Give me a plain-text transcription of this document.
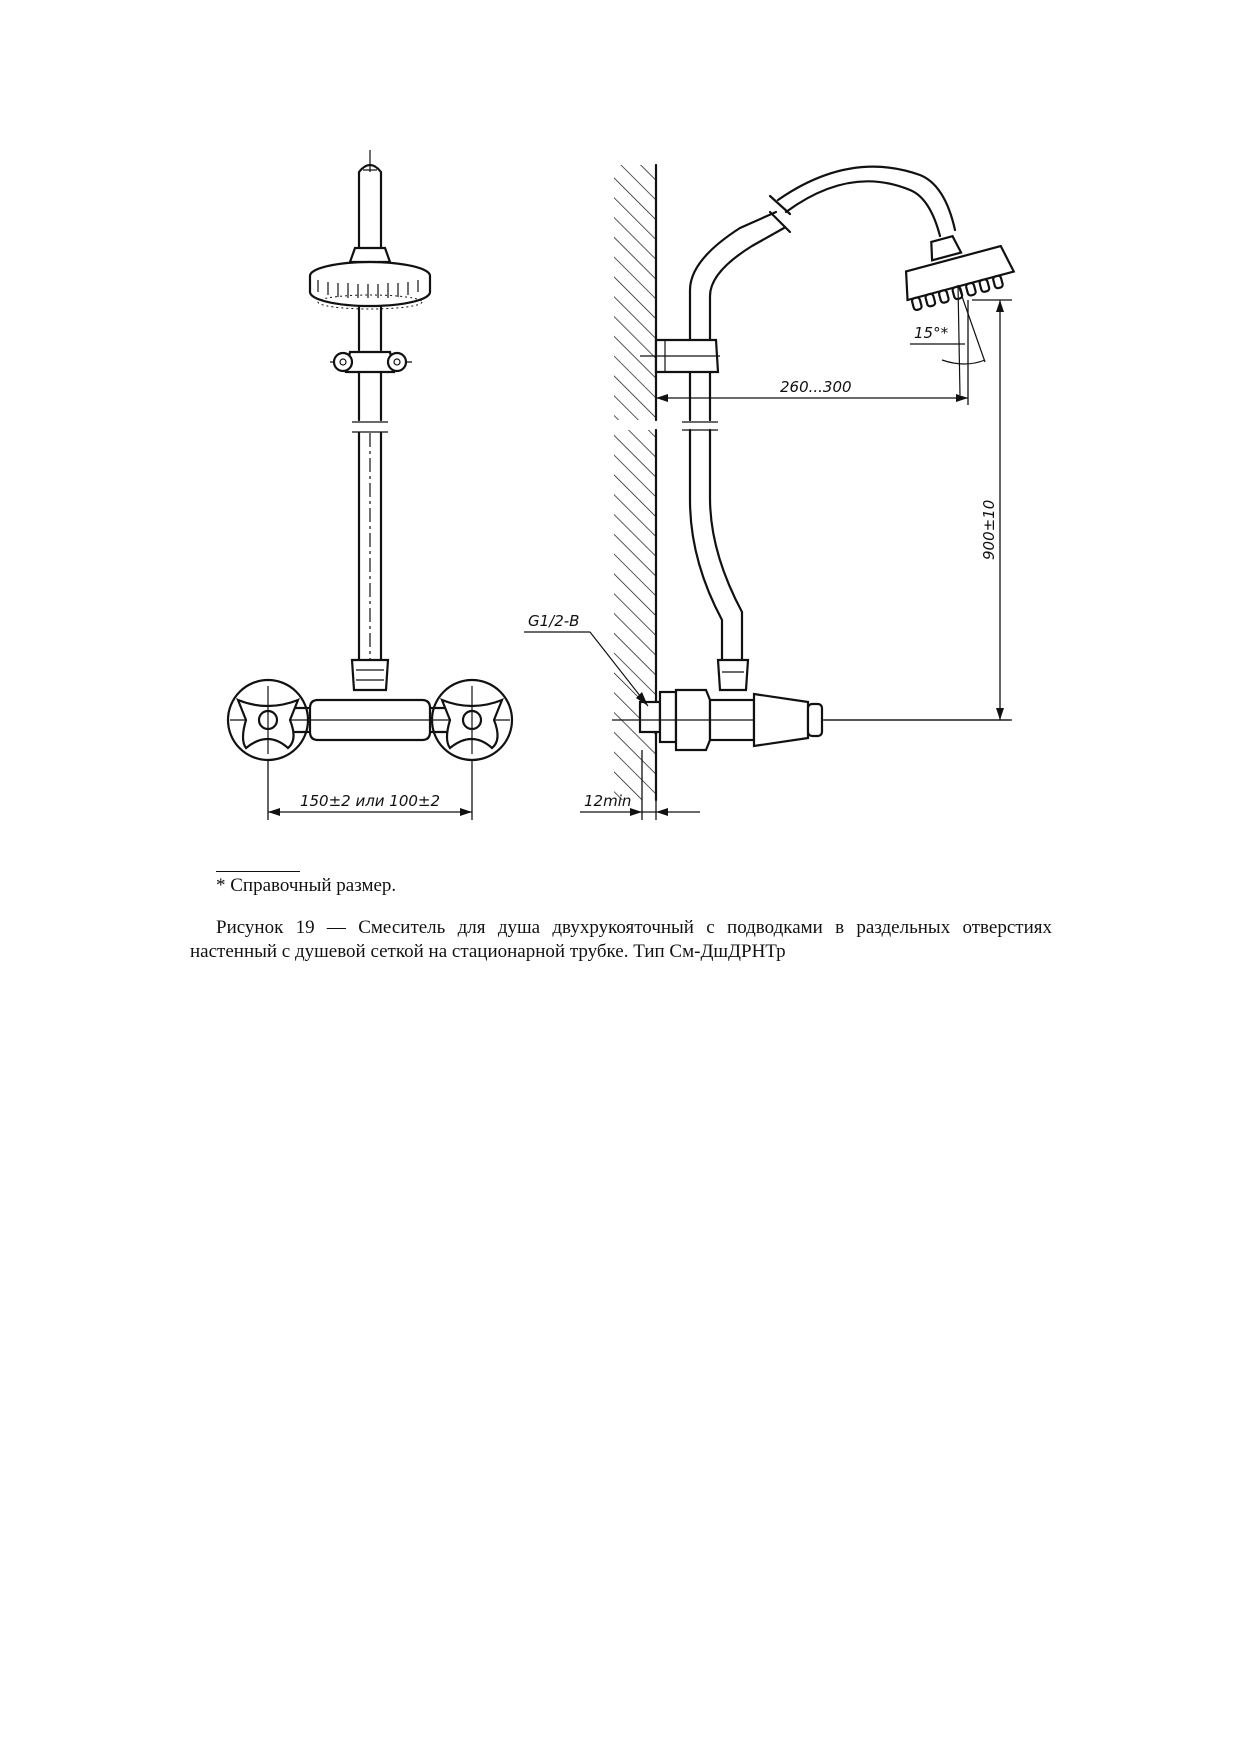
150±2 или 100±2
15°*
G1/2-B
12min
260...300
900±10
* Справочный размер.
Рисунок 19 — Смеситель для душа двухрукояточный с подводками в раздельных отверстиях настенный с душевой сеткой на стационарной трубке. Тип См-ДшДРНТр
